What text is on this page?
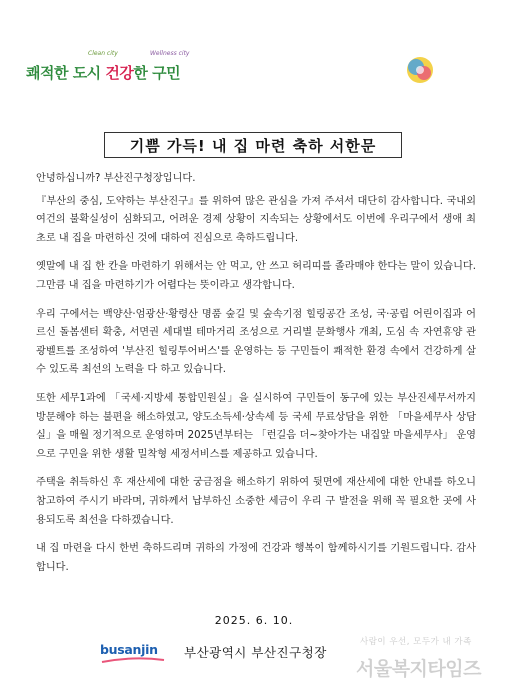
Clean city	Wellness city
쾌적한 도시 건강한 구민
기쁨 가득! 내 집 마련 축하 서한문

안녕하십니까? 부산진구청장입니다.

『부산의 중심, 도약하는 부산진구』를 위하여 많은 관심을 가져 주셔서 대단히 감사합니다. 국내외 여건의 불확실성이 심화되고, 어려운 경제 상황이 지속되는 상황에서도 이번에 우리구에서 생애 최초로 내 집을 마련하신 것에 대하여 진심으로 축하드립니다.

옛말에 내 집 한 칸을 마련하기 위해서는 안 먹고, 안 쓰고 허리띠를 졸라매야 한다는 말이 있습니다. 그만큼 내 집을 마련하기가 어렵다는 뜻이라고 생각합니다.

우리 구에서는 백양산·엄광산·황령산 명품 숲길 및 숲속기점 힐링공간 조성, 국·공립 어린이집과 어르신 돌봄센터 확충, 서면권 세대별 테마거리 조성으로 거리별 문화행사 개최, 도심 속 자연휴양 관광벨트를 조성하여 '부산진 힐링투어버스'를 운영하는 등 구민들이 쾌적한 환경 속에서 건강하게 살 수 있도록 최선의 노력을 다 하고 있습니다.

또한 세무1과에 「국세·지방세 통합민원실」을 실시하여 구민들이 동구에 있는 부산진세무서까지 방문해야 하는 불편을 해소하였고, 양도소득세·상속세 등 국세 무료상담을 위한 「마을세무사 상담실」을 매월 정기적으로 운영하며 2025년부터는 「런길음 더~찾아가는 내집앞 마을세무사」 운영으로 구민을 위한 생활 밀착형 세정서비스를 제공하고 있습니다.

주택을 취득하신 후 재산세에 대한 궁금점을 해소하기 위하여 뒷면에 재산세에 대한 안내를 하오니 참고하여 주시기 바라며, 귀하께서 납부하신 소중한 세금이 우리 구 발전을 위해 꼭 필요한 곳에 사용되도록 최선을 다하겠습니다.

내 집 마련을 다시 한번 축하드리며 귀하의 가정에 건강과 행복이 함께하시기를 기원드립니다. 감사합니다.

2025. 6. 10.
busanjin 부산광역시 부산진구청장
사람이 우선, 모두가 내 가족
서울복지타임즈
